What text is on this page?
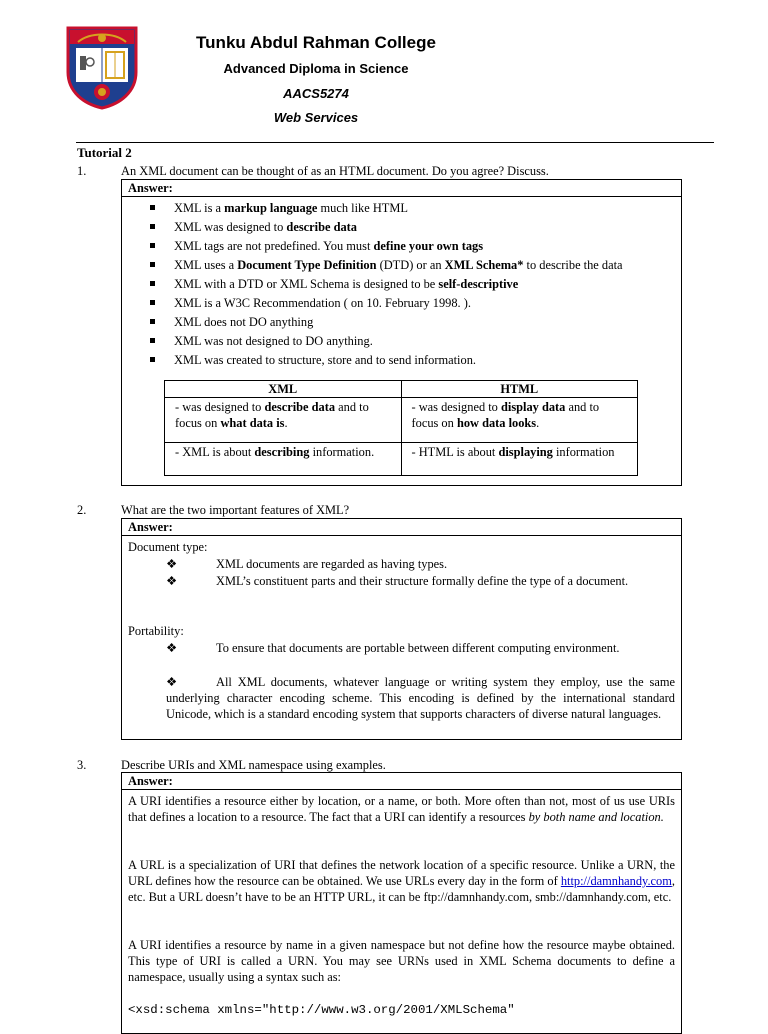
Tunku Abdul Rahman College
Advanced Diploma in Science
AACS5274
Web Services
Tutorial 2
1.	An XML document can be thought of as an HTML document. Do you agree? Discuss.
Answer:
XML is a markup language much like HTML
XML was designed to describe data
XML tags are not predefined. You must define your own tags
XML uses a Document Type Definition (DTD) or an XML Schema* to describe the data
XML with a DTD or XML Schema is designed to be self-descriptive
XML is a W3C Recommendation ( on 10. February 1998. ).
XML does not DO anything
XML was not designed to DO anything.
XML was created to structure, store and to send information.
XML	HTML
- was designed to describe data and to focus on what data is.	- was designed to display data and to focus on how data looks.
- XML is about describing information.	- HTML is about displaying information
2.	What are the two important features of XML?
Answer:
Document type:
❖	XML documents are regarded as having types.
❖	XML’s constituent parts and their structure formally define the type of a document.
Portability:
❖	To ensure that documents are portable between different computing environment.
❖	All XML documents, whatever language or writing system they employ, use the same underlying character encoding scheme. This encoding is defined by the international standard Unicode, which is a standard encoding system that supports characters of diverse natural languages.
3.	Describe URIs and XML namespace using examples.
Answer:
A URI identifies a resource either by location, or a name, or both. More often than not, most of us use URIs that defines a location to a resource. The fact that a URI can identify a resources by both name and location.
A URL is a specialization of URI that defines the network location of a specific resource. Unlike a URN, the URL defines how the resource can be obtained. We use URLs every day in the form of http://damnhandy.com, etc. But a URL doesn’t have to be an HTTP URL, it can be ftp://damnhandy.com, smb://damnhandy.com, etc.
A URI identifies a resource by name in a given namespace but not define how the resource maybe obtained. This type of URI is called a URN. You may see URNs used in XML Schema documents to define a namespace, usually using a syntax such as:
<xsd:schema xmlns="http://www.w3.org/2001/XMLSchema"
